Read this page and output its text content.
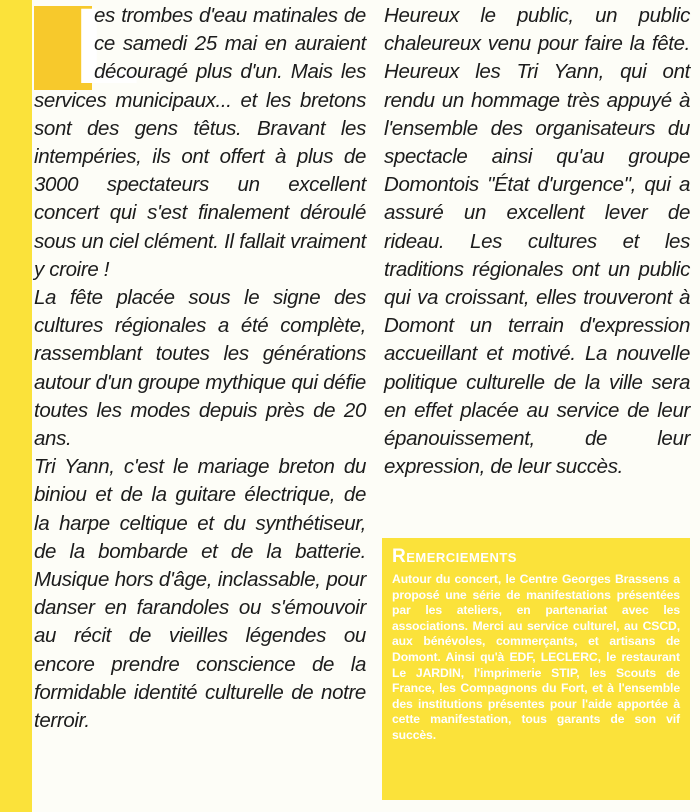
L

es trombes d'eau matinales de ce samedi 25 mai en auraient découragé plus d'un. Mais les services municipaux... et les bretons sont des gens têtus. Bravant les intempéries, ils ont offert à plus de 3000 spectateurs un excellent concert qui s'est finalement déroulé sous un ciel clément. Il fallait vraiment y croire !

La fête placée sous le signe des cultures régionales a été complète, rassemblant toutes les générations autour d'un groupe mythique qui défie toutes les modes depuis près de 20 ans.

Tri Yann, c'est le mariage breton du biniou et de la guitare électrique, de la harpe celtique et du synthétiseur, de la bombarde et de la batterie. Musique hors d'âge, inclassable, pour danser en farandoles ou s'émouvoir au récit de vieilles légendes ou encore prendre conscience de la formidable identité culturelle de notre terroir.

Heureux le public, un public chaleureux venu pour faire la fête. Heureux les Tri Yann, qui ont rendu un hommage très appuyé à l'ensemble des organisateurs du spectacle ainsi qu'au groupe Domontois "État d'urgence", qui a assuré un excellent lever de rideau. Les cultures et les traditions régionales ont un public qui va croissant, elles trouveront à Domont un terrain d'expression accueillant et motivé. La nouvelle politique culturelle de la ville sera en effet placée au service de leur épanouissement, de leur expression, de leur succès.

Remerciements

Autour du concert, le Centre Georges Brassens a proposé une série de manifestations présentées par les ateliers, en partenariat avec les associations. Merci au service culturel, au CSCD, aux bénévoles, commerçants, et artisans de Domont. Ainsi qu'à EDF, LECLERC, le restaurant Le JARDIN, l'imprimerie STIP, les Scouts de France, les Compagnons du Fort, et à l'ensemble des institutions présentes pour l'aide apportée à cette manifestation, tous garants de son vif succès.
